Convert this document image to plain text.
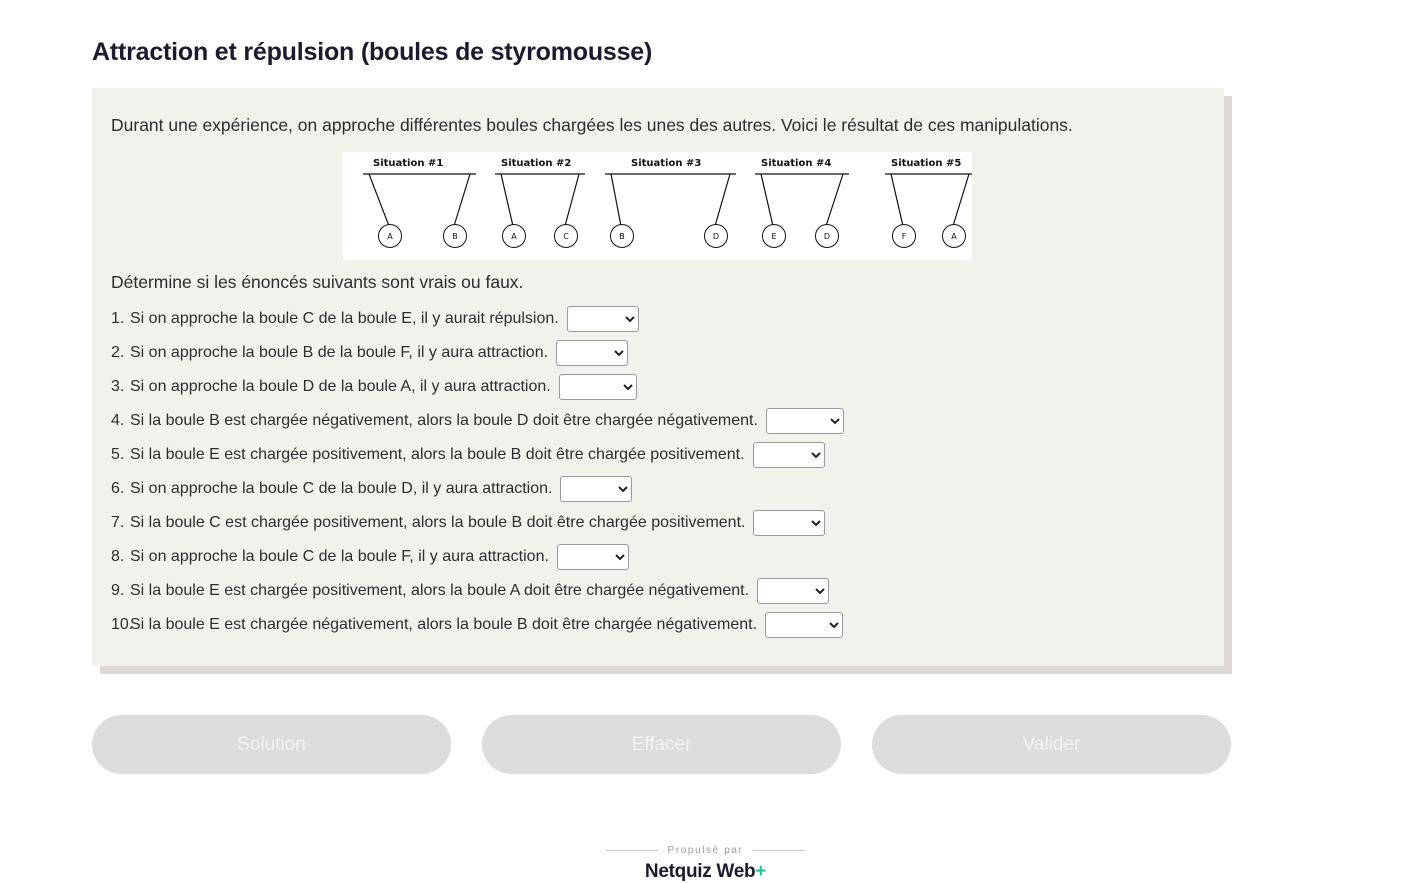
Attraction et répulsion (boules de styromousse)
Durant une expérience, on approche différentes boules chargées les unes des autres. Voici le résultat de ces manipulations.
Situation #1	Situation #2	Situation #3	Situation #4	Situation #5
A	B	A	C	B	D	E	D	F	A
Détermine si les énoncés suivants sont vrais ou faux.
1. Si on approche la boule C de la boule E, il y aurait répulsion.
2. Si on approche la boule B de la boule F, il y aura attraction.
3. Si on approche la boule D de la boule A, il y aura attraction.
4. Si la boule B est chargée négativement, alors la boule D doit être chargée négativement.
5. Si la boule E est chargée positivement, alors la boule B doit être chargée positivement.
6. Si on approche la boule C de la boule D, il y aura attraction.
7. Si la boule C est chargée positivement, alors la boule B doit être chargée positivement.
8. Si on approche la boule C de la boule F, il y aura attraction.
9. Si la boule E est chargée positivement, alors la boule A doit être chargée négativement.
10.
Si la boule E est chargée négativement, alors la boule B doit être chargée négativement.
Solution	Effacer	Valider
Propulsé par
Netquiz Web+
